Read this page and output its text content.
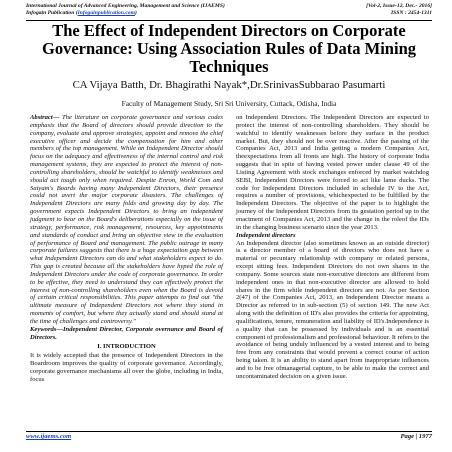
International Journal of Advanced Engineering, Management and Science (IJAEMS)	[Vol-2, Issue-12, Dec.- 2016]
Infogain Publication (Infogainpublication.com)	ISSN : 2454-1311
The Effect of Independent Directors on Corporate Governance: Using Association Rules of Data Mining Techniques
CA Vijaya Batth, Dr. Bhagirathi Nayak*,Dr.SrinivasSubbarao Pasumarti
Faculty of Management Study, Sri Sri University, Cuttack, Odisha, India

Abstract— The literature on corporate governance and various codes emphasis that the Board of directors should provide direction to the company, evaluate and approve strategies, appoint and remove the chief executive officer and decide the compensation for him and other members of the top management. While an Independent Director should focus on the adequacy and effectiveness of the internal control and risk management systems, they are expected to protect the interest of non-controlling shareholders, should be watchful to identify weaknesses and should act tough only when required. Despite Enron, World Com and Satyam's Boards having many Independent Directors, their presence could not avert the major corporate disasters. The challenges of Independent Directors are many folds and growing day by day. The government expects Independent Directors to bring an independent judgment to bear on the Board's deliberations especially on the issue of strategy, performance, risk management, resources, key appointments and standards of conduct and bring an objective view in the evaluation of performance of Board and management. The public outrage in many corporate failures suggests that there is a huge expectation gap between what Independent Directors can do and what stakeholders expect to do. This gap is created because all the stakeholders have hyped the role of Independent Directors under the code of corporate governance. In order to be effective, they need to understand they can effectively protect the interest of non-controlling shareholders even when the Board is devoid of certain critical responsibilities. This paper attempts to find out "the ultimate measure of Independent Directors not where they stand in moments of comfort, but where they actually stand and should stand at the time of challenges and controversy."

Keywords—Independent Director, Corporate overnance and Board of Directors.

I. INTRODUCTION

It is widely accepted that the presence of Independent Directors in the Boardroom improves the quality of corporate governance. Accordingly, corporate governance mechanisms all over the globe, including in India, focus

on Independent Directors. The Independent Directors are expected to protect the interest of non-controlling shareholders. They should be watchful to identify weaknesses before they surface in the product market. But, they should not be over reactive. After the passing of the Companies Act, 2013 and India getting a modern Companies Act, theexpectations from all fronts are high. The history of corporate India suggests that in spite of having vested power under clause 49 of the Listing Agreement with stock exchanges enforced by market watchdog SEBI, Independent Directors were forced to act like lame ducks. The code for Independent Directors included in schedule IV to the Act, requires a number of provisions, whichexpected to be fulfilled by the Independent Directors. The objective of the paper is to highlight the journey of the Independent Directors from its gestation period up to the enactment of Companies Act, 2013 and the change in the roleof the IDs in the changing business scenario since the year 2013.

Independent directors

An Independent director (also sometimes known as an outside director) is a director member of a board of directors who does not have a material or pecuniary relationship with company or related persons, except sitting fees. Independent Directors do not own shares in the company. Some sources state non-executive directors are different from independent ones in that non-executive director are allowed to hold shares in the firm while independent directors are not. As per Section 2(47) of the Companies Act, 2013, an Independent Director means a Director as referred to in sub-section (5) of section 149. The new Act along with the definition of ID's also provides the criteria for appointing, qualifications, tenure, remuneration and liability of ID's.Independence is a quality that can be possessed by individuals and is an essential component of professionalism and professional behaviour. It refers to the avoidance of being unduly influenced by a vested interest and to being free from any constraints that would prevent a correct course of action being taken. It is an ability to stand apart from inappropriate influences and to be free ofmanagerial capture, to be able to make the correct and uncontaminated decision on a given issue.

www.ijaems.com	Page | 1977
